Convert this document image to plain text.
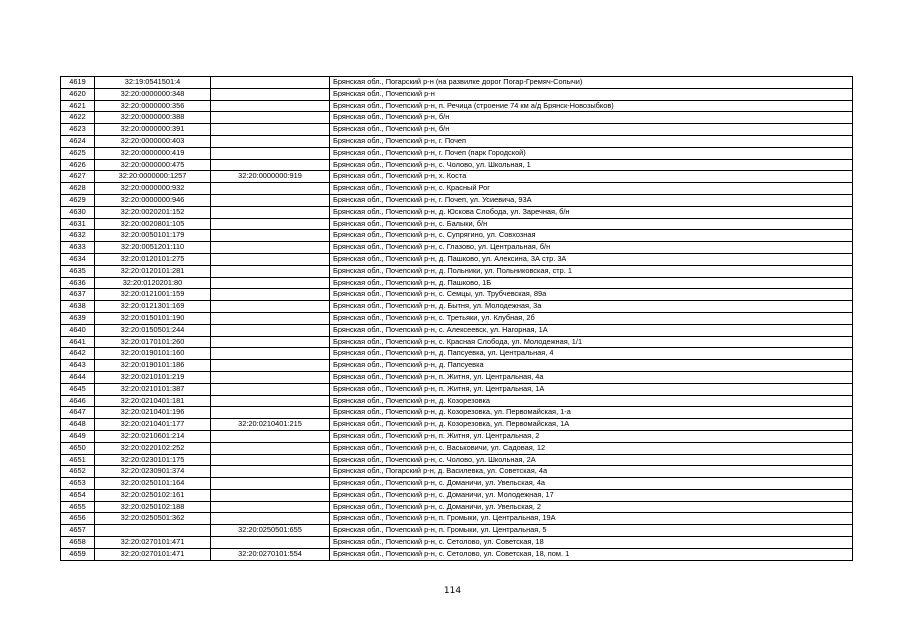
4619	32:19:0541501:4		Брянская обл., Погарский р-н (на развилке дорог Погар-Гремяч-Сопычи)
4620	32:20:0000000:348		Брянская обл., Почепский р-н
4621	32:20:0000000:356		Брянская обл., Почепский р-н, п. Речица (строение 74 км а/д Брянск-Новозыбков)
4622	32:20:0000000:388		Брянская обл., Почепский р-н, б/н
4623	32:20:0000000:391		Брянская обл., Почепский р-н, б/н
4624	32:20:0000000:403		Брянская обл., Почепский р-н, г. Почеп
4625	32:20:0000000:419		Брянская обл., Почепский р-н, г. Почеп (парк Городской)
4626	32:20:0000000:475		Брянская обл., Почепский р-н, с. Чолово, ул. Школьная, 1
4627	32:20:0000000:1257	32:20:0000000:919	Брянская обл., Почепский р-н, х. Коста
4628	32:20:0000000:932		Брянская обл., Почепский р-н, с. Красный Рог
4629	32:20:0000000:946		Брянская обл., Почепский р-н, г. Почеп, ул. Усиевича, 93А
4630	32:20:0020201:152		Брянская обл., Почепский р-н, д. Юскова Слобода, ул. Заречная, б/н
4631	32:20:0020801:105		Брянская обл., Почепский р-н, с. Балыки, б/н
4632	32:20:0050101:179		Брянская обл., Почепский р-н, с. Супрягино, ул. Совхозная
4633	32:20:0051201:110		Брянская обл., Почепский р-н, с. Глазово, ул. Центральная, б/н
4634	32:20:0120101:275		Брянская обл., Почепский р-н, д. Пашково, ул. Алексина, 3А стр. 3А
4635	32:20:0120101:281		Брянская обл., Почепский р-н, д. Польники, ул. Польниковская, стр. 1
4636	32:20:0120201:80		Брянская обл., Почепский р-н, д. Пашково, 1Б
4637	32:20:0121001:159		Брянская обл., Почепский р-н, с. Семцы, ул. Трубчевская, 89а
4638	32:20:0121301:169		Брянская обл., Почепский р-н, д. Бытня, ул. Молодежная, 3а
4639	32:20:0150101:190		Брянская обл., Почепский р-н, с. Третьяки, ул. Клубная, 2б
4640	32:20:0150501:244		Брянская обл., Почепский р-н, с. Алексеевск, ул. Нагорная, 1А
4641	32:20:0170101:260		Брянская обл., Почепский р-н, с. Красная Слобода, ул. Молодежная, 1/1
4642	32:20:0190101:160		Брянская обл., Почепский р-н, д. Папсуевка, ул. Центральная, 4
4643	32:20:0190101:186		Брянская обл., Почепский р-н, д. Папсуевка
4644	32:20:0210101:219		Брянская обл., Почепский р-н, п. Житня, ул. Центральная, 4а
4645	32:20:0210101:387		Брянская обл., Почепский р-н, п. Житня, ул. Центральная, 1А
4646	32:20:0210401:181		Брянская обл., Почепский р-н, д. Козорезовка
4647	32:20:0210401:196		Брянская обл., Почепский р-н, д. Козорезовка, ул. Первомайская, 1-а
4648	32:20:0210401:177	32:20:0210401:215	Брянская обл., Почепский р-н, д. Козорезовка, ул. Первомайская, 1А
4649	32:20:0210601:214		Брянская обл., Почепский р-н, п. Житня, ул. Центральная, 2
4650	32:20:0220102:252		Брянская обл., Почепский р-н, с. Васьковичи, ул. Садовая, 12
4651	32:20:0230101:175		Брянская обл., Почепский р-н, с. Чолово, ул. Школьная, 2А
4652	32:20:0230901:374		Брянская обл., Погарский р-н, д. Василевка, ул. Советская, 4а
4653	32:20:0250101:164		Брянская обл., Почепский р-н, с. Доманичи, ул. Увельская, 4а
4654	32:20:0250102:161		Брянская обл., Почепский р-н, с. Доманичи, ул. Молодежная, 17
4655	32:20:0250102:188		Брянская обл., Почепский р-н, с. Доманичи, ул. Увельская, 2
4656	32:20:0250501:362		Брянская обл., Почепский р-н, п. Громыки, ул. Центральная, 19А
4657		32:20:0250501:655	Брянская обл., Почепский р-н, п. Громыки, ул. Центральная, 5
4658	32:20:0270101:471		Брянская обл., Почепский р-н, с. Сетолово, ул. Советская, 18
4659	32:20:0270101:471	32:20:0270101:554	Брянская обл., Почепский р-н, с. Сетолово, ул. Советская, 18, пом. 1
114
